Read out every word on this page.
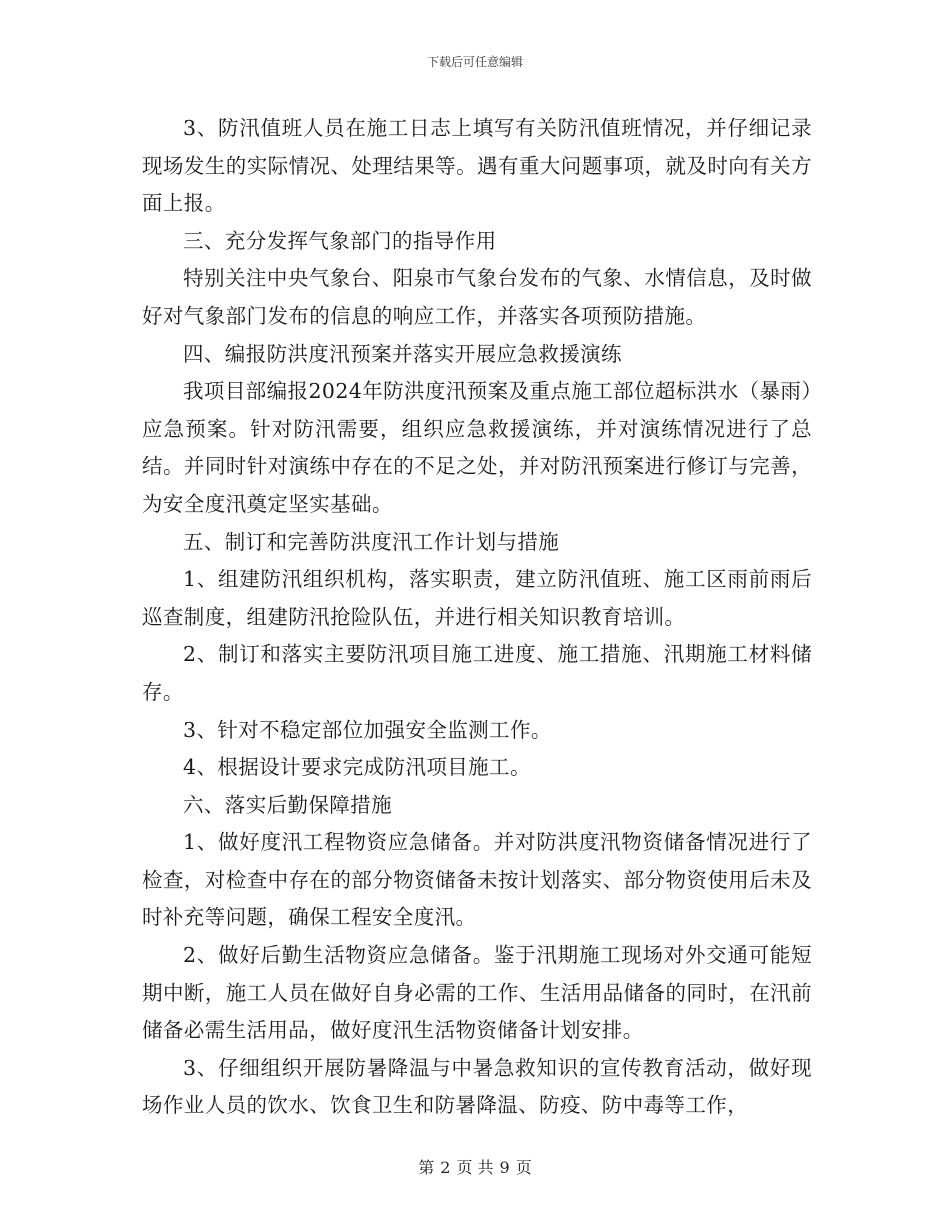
下载后可任意编辑

3、防汛值班人员在施工日志上填写有关防汛值班情况，并仔细记录现场发生的实际情况、处理结果等。遇有重大问题事项，就及时向有关方面上报。

三、充分发挥气象部门的指导作用

特别关注中央气象台、阳泉市气象台发布的气象、水情信息，及时做好对气象部门发布的信息的响应工作，并落实各项预防措施。

四、编报防洪度汛预案并落实开展应急救援演练

我项目部编报2024年防洪度汛预案及重点施工部位超标洪水（暴雨）应急预案。针对防汛需要，组织应急救援演练，并对演练情况进行了总结。并同时针对演练中存在的不足之处，并对防汛预案进行修订与完善，为安全度汛奠定坚实基础。

五、制订和完善防洪度汛工作计划与措施

1、组建防汛组织机构，落实职责，建立防汛值班、施工区雨前雨后巡查制度，组建防汛抢险队伍，并进行相关知识教育培训。

2、制订和落实主要防汛项目施工进度、施工措施、汛期施工材料储存。

3、针对不稳定部位加强安全监测工作。

4、根据设计要求完成防汛项目施工。

六、落实后勤保障措施

1、做好度汛工程物资应急储备。并对防洪度汛物资储备情况进行了检查，对检查中存在的部分物资储备未按计划落实、部分物资使用后未及时补充等问题，确保工程安全度汛。

2、做好后勤生活物资应急储备。鉴于汛期施工现场对外交通可能短期中断，施工人员在做好自身必需的工作、生活用品储备的同时，在汛前储备必需生活用品，做好度汛生活物资储备计划安排。

3、仔细组织开展防暑降温与中暑急救知识的宣传教育活动，做好现场作业人员的饮水、饮食卫生和防暑降温、防疫、防中毒等工作，

第 2 页 共 9 页
